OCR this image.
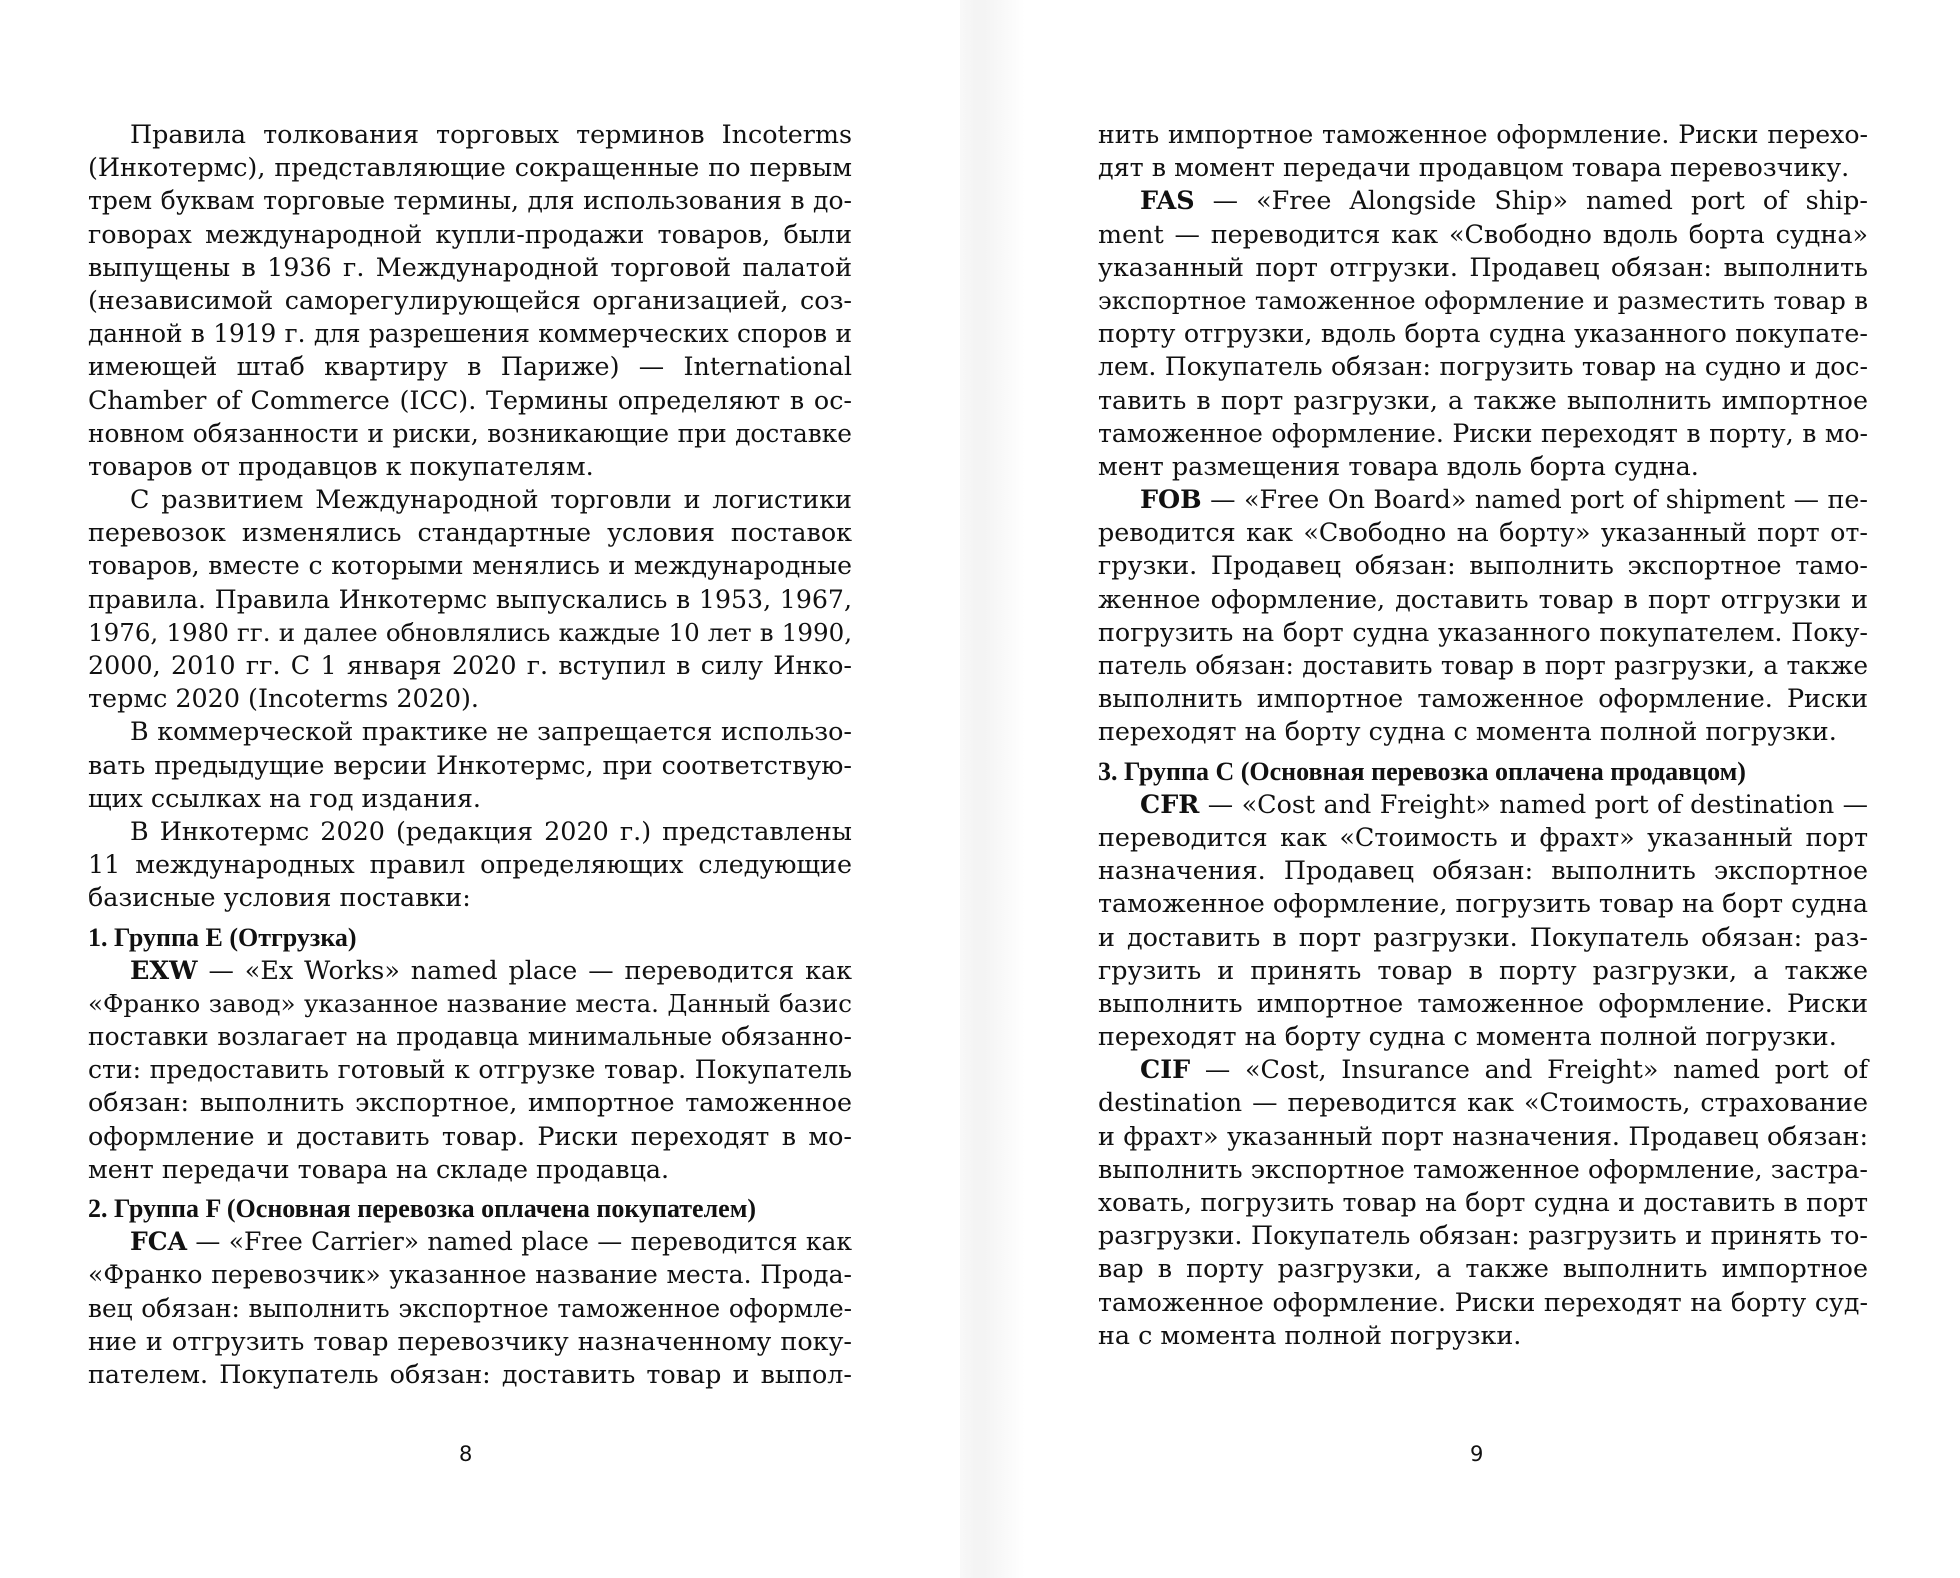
Правила толкования торговых терминов Incoterms
(Инкотермс), представляющие сокращенные по первым
трем буквам торговые термины, для использования в до-
говорах международной купли-продажи товаров, были
выпущены в 1936 г. Международной торговой палатой
(независимой саморегулирующейся организацией, соз-
данной в 1919 г. для разрешения коммерческих споров и
имеющей штаб квартиру в Париже) — International
Chamber of Commerce (ICC). Термины определяют в ос-
новном обязанности и риски, возникающие при доставке
товаров от продавцов к покупателям.
С развитием Международной торговли и логистики
перевозок изменялись стандартные условия поставок
товаров, вместе с которыми менялись и международные
правила. Правила Инкотермс выпускались в 1953, 1967,
1976, 1980 гг. и далее обновлялись каждые 10 лет в 1990,
2000, 2010 гг. С 1 января 2020 г. вступил в силу Инко-
термс 2020 (Incoterms 2020).
В коммерческой практике не запрещается использо-
вать предыдущие версии Инкотермс, при соответствую-
щих ссылках на год издания.
В Инкотермс 2020 (редакция 2020 г.) представлены
11 международных правил определяющих следующие
базисные условия поставки:
1. Группа E (Отгрузка)
EXW — «Ex Works» named place — переводится как
«Франко завод» указанное название места. Данный базис
поставки возлагает на продавца минимальные обязанно-
сти: предоставить готовый к отгрузке товар. Покупатель
обязан: выполнить экспортное, импортное таможенное
оформление и доставить товар. Риски переходят в мо-
мент передачи товара на складе продавца.
2. Группа F (Основная перевозка оплачена покупателем)
FCA — «Free Carrier» named place — переводится как
«Франко перевозчик» указанное название места. Прода-
вец обязан: выполнить экспортное таможенное оформле-
ние и отгрузить товар перевозчику назначенному поку-
пателем. Покупатель обязан: доставить товар и выпол-
8
нить импортное таможенное оформление. Риски перехо-
дят в момент передачи продавцом товара перевозчику.
FAS — «Free Alongside Ship» named port of ship-
ment — переводится как «Свободно вдоль борта судна»
указанный порт отгрузки. Продавец обязан: выполнить
экспортное таможенное оформление и разместить товар в
порту отгрузки, вдоль борта судна указанного покупате-
лем. Покупатель обязан: погрузить товар на судно и дос-
тавить в порт разгрузки, а также выполнить импортное
таможенное оформление. Риски переходят в порту, в мо-
мент размещения товара вдоль борта судна.
FOB — «Free On Board» named port of shipment — пе-
реводится как «Свободно на борту» указанный порт от-
грузки. Продавец обязан: выполнить экспортное тамо-
женное оформление, доставить товар в порт отгрузки и
погрузить на борт судна указанного покупателем. Поку-
патель обязан: доставить товар в порт разгрузки, а также
выполнить импортное таможенное оформление. Риски
переходят на борту судна с момента полной погрузки.
3. Группа C (Основная перевозка оплачена продавцом)
CFR — «Cost and Freight» named port of destination —
переводится как «Стоимость и фрахт» указанный порт
назначения. Продавец обязан: выполнить экспортное
таможенное оформление, погрузить товар на борт судна
и доставить в порт разгрузки. Покупатель обязан: раз-
грузить и принять товар в порту разгрузки, а также
выполнить импортное таможенное оформление. Риски
переходят на борту судна с момента полной погрузки.
CIF — «Cost, Insurance and Freight» named port of
destination — переводится как «Стоимость, страхование
и фрахт» указанный порт назначения. Продавец обязан:
выполнить экспортное таможенное оформление, застра-
ховать, погрузить товар на борт судна и доставить в порт
разгрузки. Покупатель обязан: разгрузить и принять то-
вар в порту разгрузки, а также выполнить импортное
таможенное оформление. Риски переходят на борту суд-
на с момента полной погрузки.
9
